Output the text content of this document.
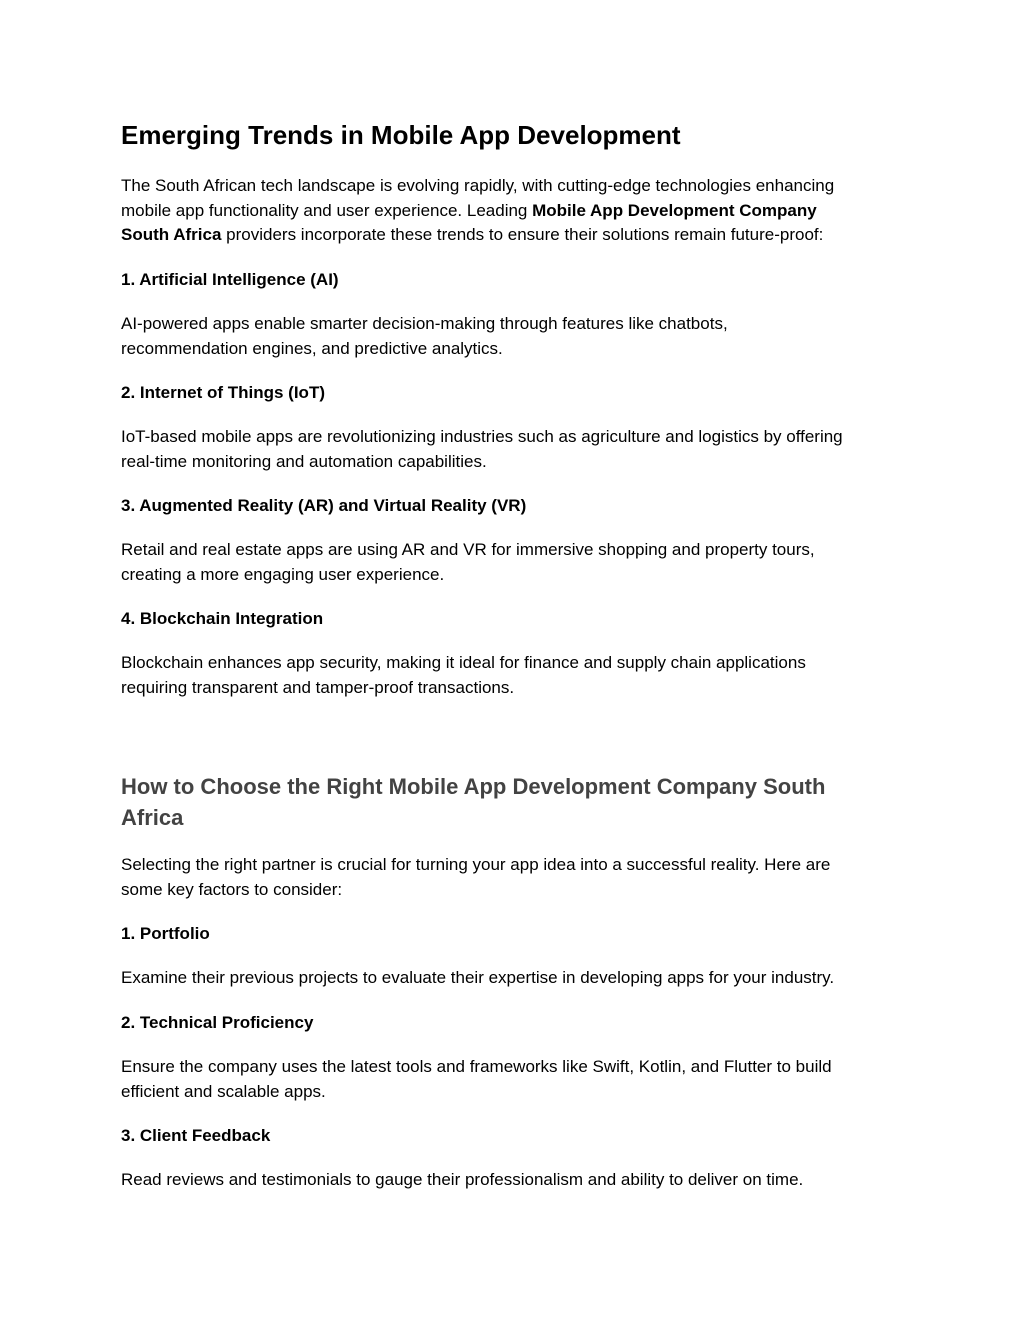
Emerging Trends in Mobile App Development

The South African tech landscape is evolving rapidly, with cutting-edge technologies enhancing
mobile app functionality and user experience. Leading Mobile App Development Company
South Africa providers incorporate these trends to ensure their solutions remain future-proof:

1. Artificial Intelligence (AI)

AI-powered apps enable smarter decision-making through features like chatbots,
recommendation engines, and predictive analytics.

2. Internet of Things (IoT)

IoT-based mobile apps are revolutionizing industries such as agriculture and logistics by offering
real-time monitoring and automation capabilities.

3. Augmented Reality (AR) and Virtual Reality (VR)

Retail and real estate apps are using AR and VR for immersive shopping and property tours,
creating a more engaging user experience.

4. Blockchain Integration

Blockchain enhances app security, making it ideal for finance and supply chain applications
requiring transparent and tamper-proof transactions.

How to Choose the Right Mobile App Development Company South
Africa

Selecting the right partner is crucial for turning your app idea into a successful reality. Here are
some key factors to consider:

1. Portfolio

Examine their previous projects to evaluate their expertise in developing apps for your industry.

2. Technical Proficiency

Ensure the company uses the latest tools and frameworks like Swift, Kotlin, and Flutter to build
efficient and scalable apps.

3. Client Feedback

Read reviews and testimonials to gauge their professionalism and ability to deliver on time.
